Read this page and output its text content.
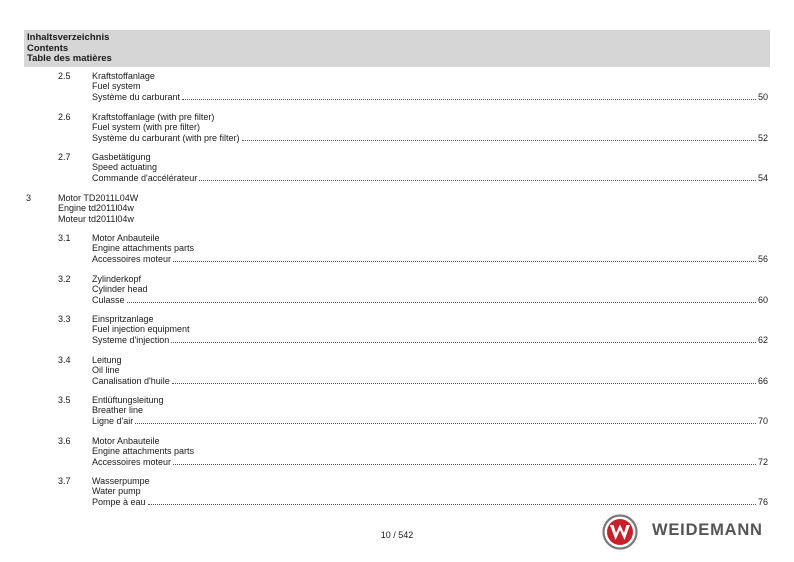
Inhaltsverzeichnis
Contents
Table des matières
2.5 Kraftstoffanlage
Fuel system
Système du carburant	50
2.6 Kraftstoffanlage (with pre filter)
Fuel system (with pre filter)
Système du carburant (with pre filter)	52
2.7 Gasbetätigung
Speed actuating
Commande d'accélérateur	54
3	Motor TD2011L04W
Engine td2011l04w
Moteur td2011l04w
3.1 Motor Anbauteile
Engine attachments parts
Accessoires moteur	56
3.2 Zylinderkopf
Cylinder head
Culasse	60
3.3 Einspritzanlage
Fuel injection equipment
Systeme d'injection	62
3.4 Leitung
Oil line
Canalisation d'huile	66
3.5 Entlüftungsleitung
Breather line
Ligne d'air	70
3.6 Motor Anbauteile
Engine attachments parts
Accessoires moteur	72
3.7 Wasserpumpe
Water pump
Pompe à eau	76
10 / 542	WEIDEMANN
